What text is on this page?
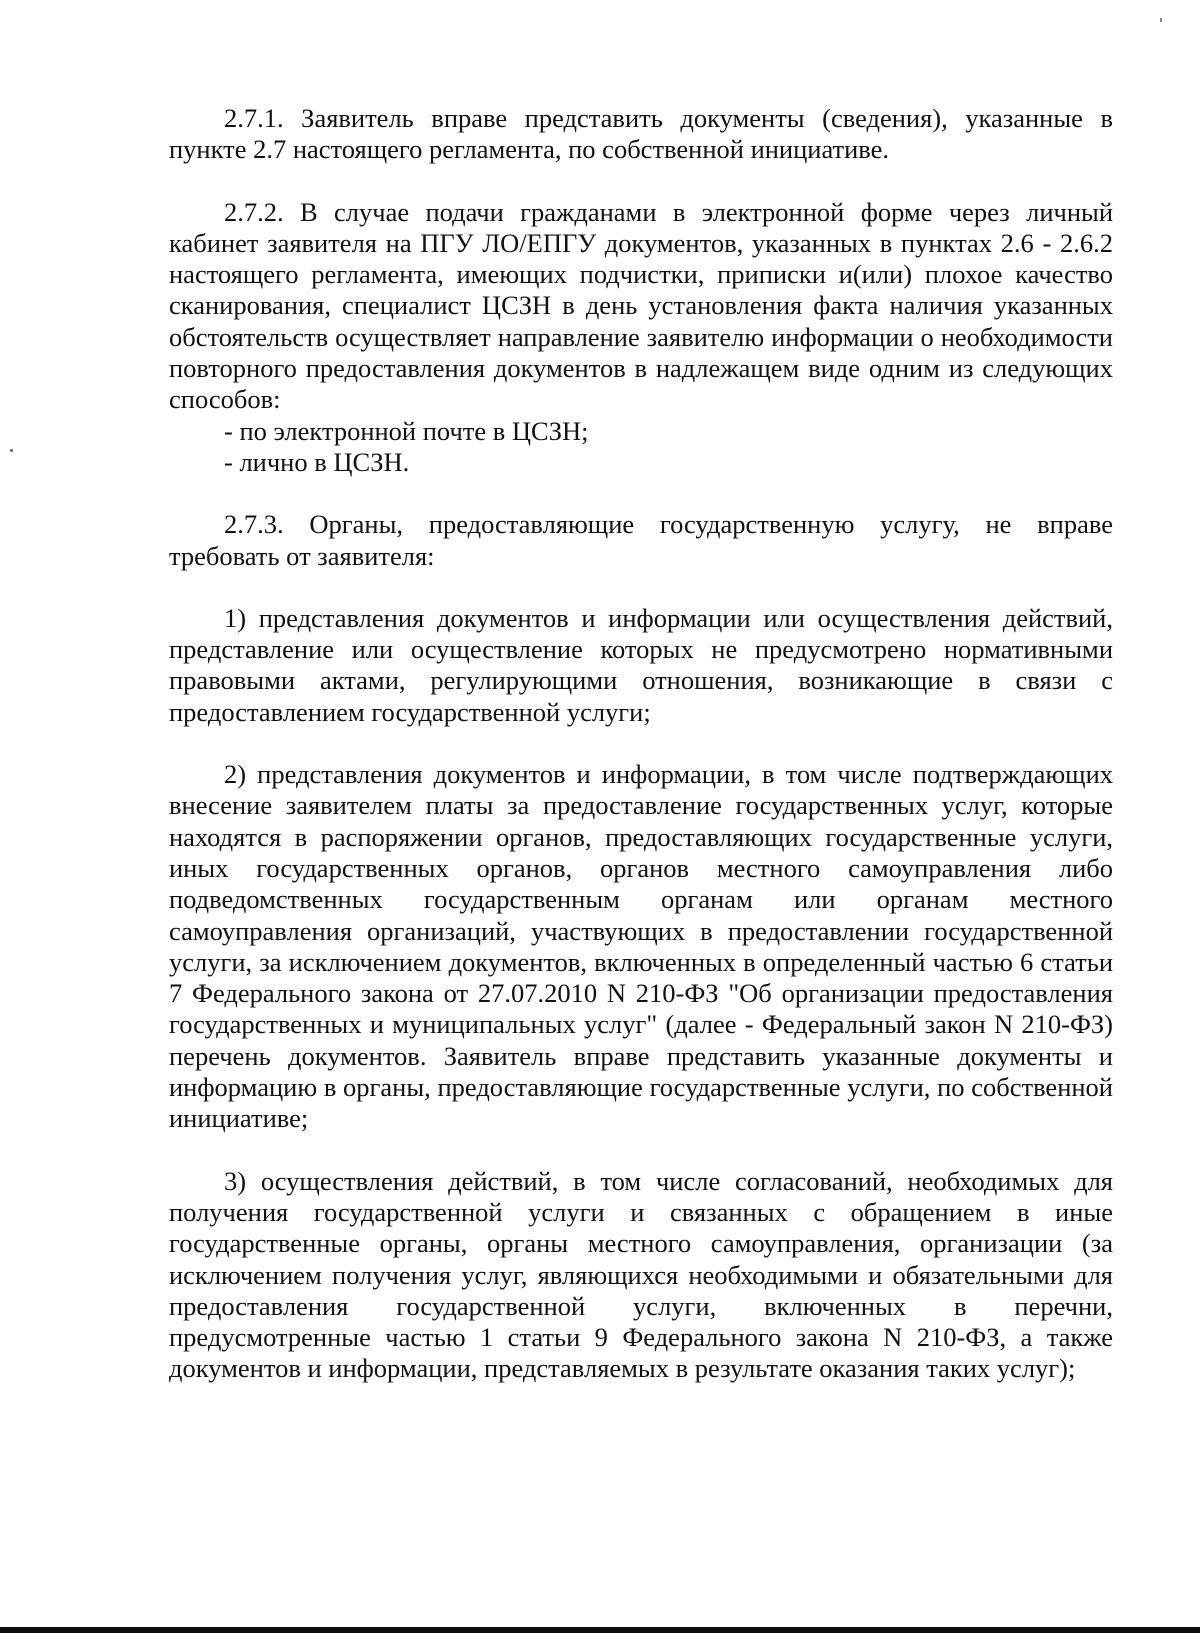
2.7.1. Заявитель вправе представить документы (сведения), указанные в пункте 2.7 настоящего регламента, по собственной инициативе.

2.7.2. В случае подачи гражданами в электронной форме через личный кабинет заявителя на ПГУ ЛО/ЕПГУ документов, указанных в пунктах 2.6 - 2.6.2 настоящего регламента, имеющих подчистки, приписки и(или) плохое качество сканирования, специалист ЦСЗН в день установления факта наличия указанных обстоятельств осуществляет направление заявителю информации о необходимости повторного предоставления документов в надлежащем виде одним из следующих способов:

- по электронной почте в ЦСЗН;

- лично в ЦСЗН.

2.7.3. Органы, предоставляющие государственную услугу, не вправе требовать от заявителя:

1) представления документов и информации или осуществления действий, представление или осуществление которых не предусмотрено нормативными правовыми актами, регулирующими отношения, возникающие в связи с предоставлением государственной услуги;

2) представления документов и информации, в том числе подтверждающих внесение заявителем платы за предоставление государственных услуг, которые находятся в распоряжении органов, предоставляющих государственные услуги, иных государственных органов, органов местного самоуправления либо подведомственных государственным органам или органам местного самоуправления организаций, участвующих в предоставлении государственной услуги, за исключением документов, включенных в определенный частью 6 статьи 7 Федерального закона от 27.07.2010 N 210-ФЗ "Об организации предоставления государственных и муниципальных услуг" (далее - Федеральный закон N 210-ФЗ) перечень документов. Заявитель вправе представить указанные документы и информацию в органы, предоставляющие государственные услуги, по собственной инициативе;

3) осуществления действий, в том числе согласований, необходимых для получения государственной услуги и связанных с обращением в иные государственные органы, органы местного самоуправления, организации (за исключением получения услуг, являющихся необходимыми и обязательными для предоставления государственной услуги, включенных в перечни, предусмотренные частью 1 статьи 9 Федерального закона N 210-ФЗ, а также документов и информации, представляемых в результате оказания таких услуг);
